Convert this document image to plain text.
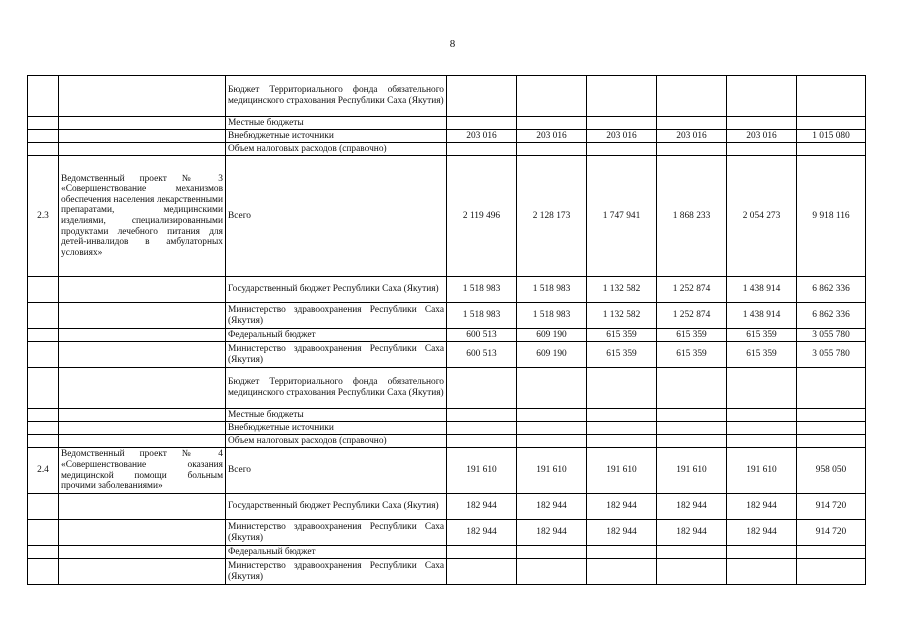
8
		Бюджет Территориального фонда обязательного медицинского страхования Республики Саха (Якутия)						
		Местные бюджеты						
		Внебюджетные источники	203 016	203 016	203 016	203 016	203 016	1 015 080
		Объем налоговых расходов (справочно)						
2.3	Ведомственный проект № 3 «Совершенствование механизмов обеспечения населения лекарственными препаратами, медицинскими изделиями, специализированными продуктами лечебного питания для детей-инвалидов в амбулаторных условиях»	Всего	2 119 496	2 128 173	1 747 941	1 868 233	2 054 273	9 918 116
		Государственный бюджет Республики Саха (Якутия)	1 518 983	1 518 983	1 132 582	1 252 874	1 438 914	6 862 336
		Министерство здравоохранения Республики Саха (Якутия)	1 518 983	1 518 983	1 132 582	1 252 874	1 438 914	6 862 336
		Федеральный бюджет	600 513	609 190	615 359	615 359	615 359	3 055 780
		Министерство здравоохранения Республики Саха (Якутия)	600 513	609 190	615 359	615 359	615 359	3 055 780
		Бюджет Территориального фонда обязательного медицинского страхования Республики Саха (Якутия)						
		Местные бюджеты						
		Внебюджетные источники						
		Объем налоговых расходов (справочно)						
2.4	Ведомственный проект № 4 «Совершенствование оказания медицинской помощи больным прочими заболеваниями»	Всего	191 610	191 610	191 610	191 610	191 610	958 050
		Государственный бюджет Республики Саха (Якутия)	182 944	182 944	182 944	182 944	182 944	914 720
		Министерство здравоохранения Республики Саха (Якутия)	182 944	182 944	182 944	182 944	182 944	914 720
		Федеральный бюджет						
		Министерство здравоохранения Республики Саха (Якутия)						
